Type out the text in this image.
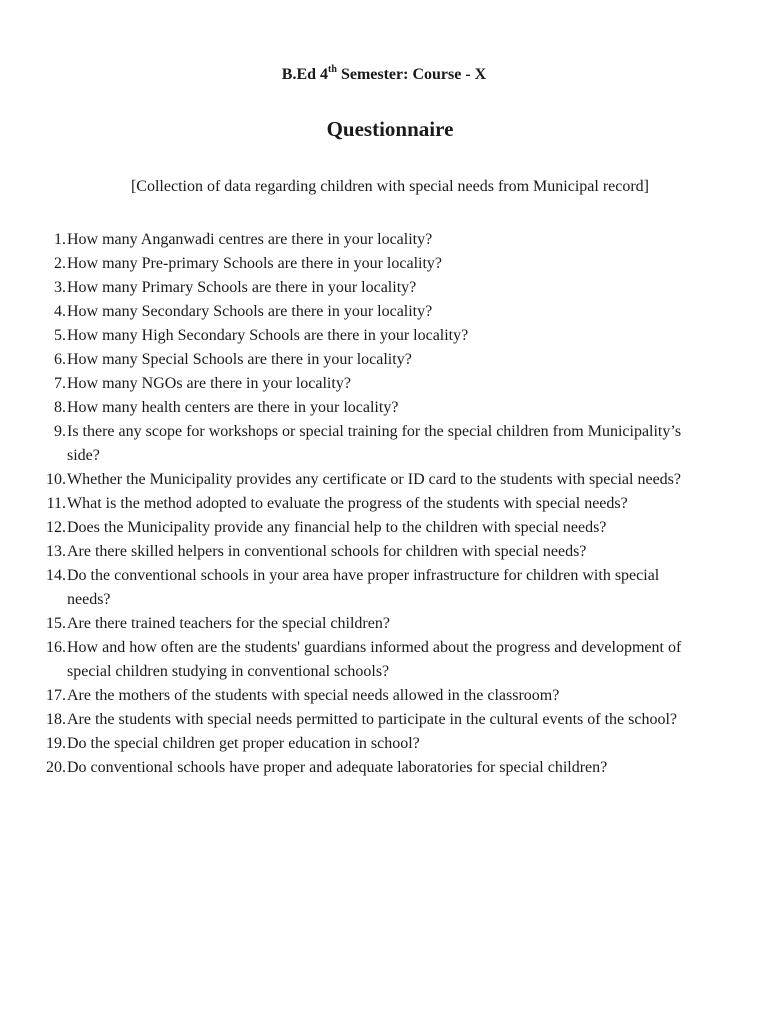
B.Ed 4th Semester: Course - X
Questionnaire
[Collection of data regarding children with special needs from Municipal record]
1. How many Anganwadi centres are there in your locality?
2. How many Pre-primary Schools are there in your locality?
3. How many Primary Schools are there in your locality?
4. How many Secondary Schools are there in your locality?
5. How many High Secondary Schools are there in your locality?
6. How many Special Schools are there in your locality?
7. How many NGOs are there in your locality?
8. How many health centers are there in your locality?
9. Is there any scope for workshops or special training for the special children from Municipality’s side?
10. Whether the Municipality provides any certificate or ID card to the students with special needs?
11. What is the method adopted to evaluate the progress of the students with special needs?
12. Does the Municipality provide any financial help to the children with special needs?
13. Are there skilled helpers in conventional schools for children with special needs?
14. Do the conventional schools in your area have proper infrastructure for children with special needs?
15. Are there trained teachers for the special children?
16. How and how often are the students' guardians informed about the progress and development of special children studying in conventional schools?
17. Are the mothers of the students with special needs allowed in the classroom?
18. Are the students with special needs permitted to participate in the cultural events of the school?
19. Do the special children get proper education in school?
20. Do conventional schools have proper and adequate laboratories for special children?
